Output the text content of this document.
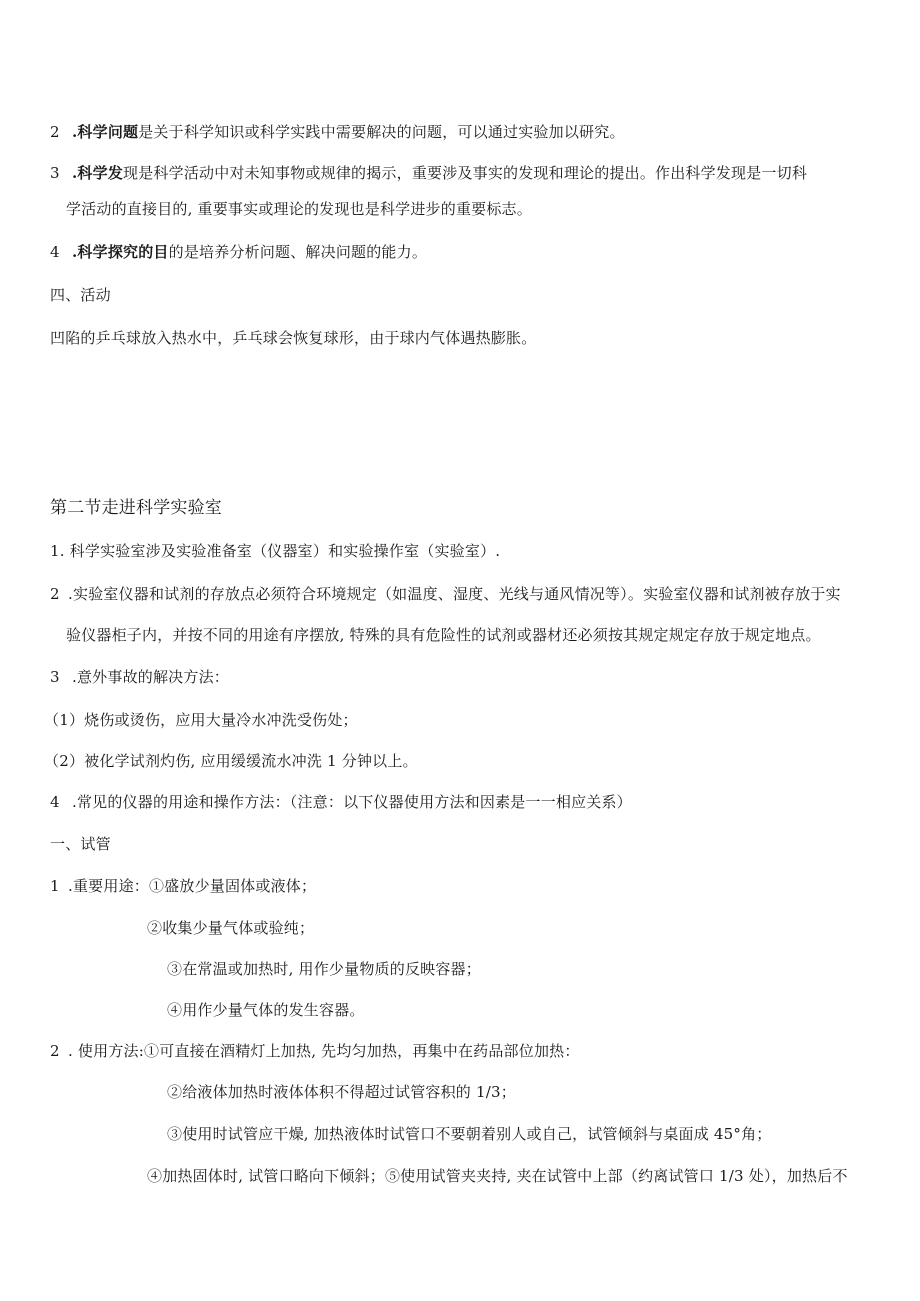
2 .科学问题是关于科学知识或科学实践中需要解决的问题，可以通过实验加以研究。
3 .科学发现是科学活动中对未知事物或规律的揭示，重要涉及事实的发现和理论的提出。作出科学发现是一切科
学活动的直接目的, 重要事实或理论的发现也是科学进步的重要标志。
4 .科学探究的目的是培养分析问题、解决问题的能力。
四、活动
凹陷的乒乓球放入热水中，乒乓球会恢复球形，由于球内气体遇热膨胀。
第二节走进科学实验室
1. 科学实验室涉及实验准备室（仪器室）和实验操作室（实验室）.
2 .实验室仪器和试剂的存放点必须符合环境规定（如温度、湿度、光线与通风情况等）。实验室仪器和试剂被存放于实
验仪器柜子内，并按不同的用途有序摆放, 特殊的具有危险性的试剂或器材还必须按其规定规定存放于规定地点。
3 .意外事故的解决方法：
（1）烧伤或烫伤，应用大量冷水冲洗受伤处；
（2）被化学试剂灼伤, 应用缓缓流水冲洗 1 分钟以上。
4 .常见的仪器的用途和操作方法：（注意：以下仪器使用方法和因素是一一相应关系）
一、试管
1 .重要用途：①盛放少量固体或液体；
②收集少量气体或验纯；
③在常温或加热时, 用作少量物质的反映容器；
④用作少量气体的发生容器。
2 . 使用方法:①可直接在酒精灯上加热, 先均匀加热，再集中在药品部位加热：
②给液体加热时液体体积不得超过试管容积的 1/3；
③使用时试管应干燥, 加热液体时试管口不要朝着别人或自己，试管倾斜与桌面成 45°角；
④加热固体时, 试管口略向下倾斜；⑤使用试管夹夹持, 夹在试管中上部（约离试管口 1/3 处），加热后不
